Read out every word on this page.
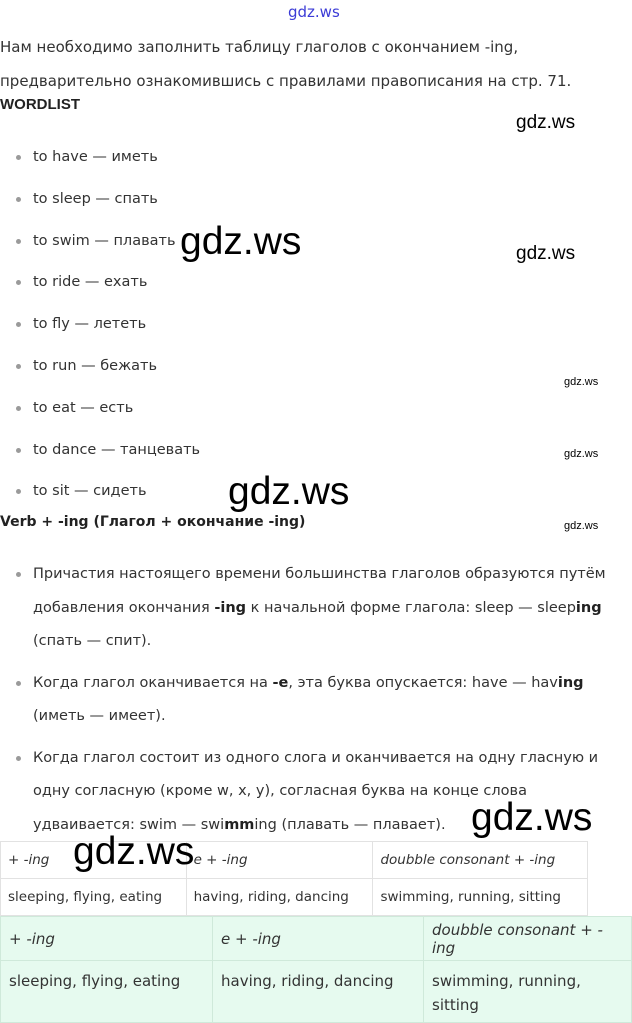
gdz.ws
Нам необходимо заполнить таблицу глаголов с окончанием -ing,
предварительно ознакомившись с правилами правописания на стр. 71.
WORDLIST
to have — иметь
to sleep — спать
to swim — плавать
to ride — ехать
to fly — лететь
to run — бежать
to eat — есть
to dance — танцевать
to sit — сидеть
Verb + -ing (Глагол + окончание -ing)
Причастия настоящего времени большинства глаголов образуются путём добавления окончания -ing к начальной форме глагола: sleep — sleeping (спать — спит).
Когда глагол оканчивается на -e, эта буква опускается: have — having (иметь — имеет).
Когда глагол состоит из одного слога и оканчивается на одну гласную и одну согласную (кроме w, x, y), согласная буква на конце слова удваивается: swim — swimming (плавать — плавает).
+ -ing	e + -ing	doubble consonant + -ing
sleeping, flying, eating	having, riding, dancing	swimming, running, sitting
+ -ing	e + -ing	doubble consonant + -ing
sleeping, flying, eating	having, riding, dancing	swimming, running, sitting
gdz.ws
gdz.ws	gdz.ws
gdz.ws
gdz.ws
gdz.ws
gdz.ws
gdz.ws
gdz.ws
